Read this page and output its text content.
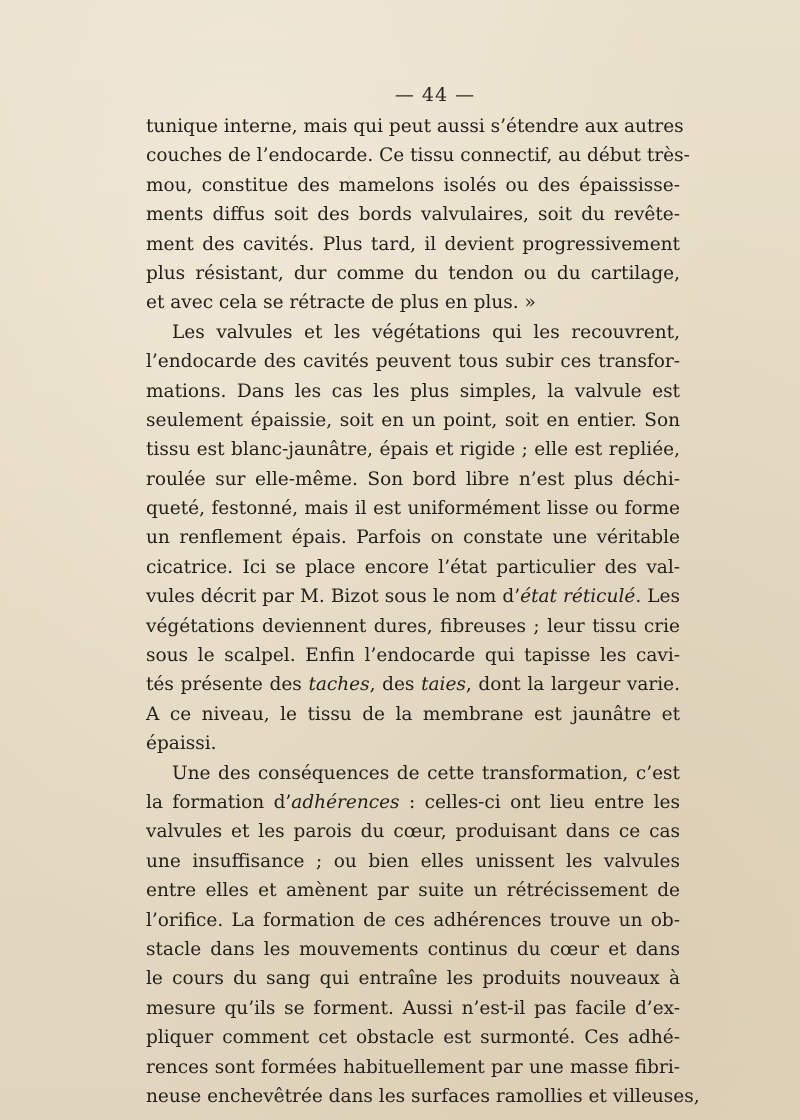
— 44 —
tunique interne, mais qui peut aussi s’étendre aux autres
couches de l’endocarde. Ce tissu connectif, au début très-
mou, constitue des mamelons isolés ou des épaississe-
ments diffus soit des bords valvulaires, soit du revête-
ment des cavités. Plus tard, il devient progressivement
plus résistant, dur comme du tendon ou du cartilage,
et avec cela se rétracte de plus en plus. »
Les valvules et les végétations qui les recouvrent,
l’endocarde des cavités peuvent tous subir ces transfor-
mations. Dans les cas les plus simples, la valvule est
seulement épaissie, soit en un point, soit en entier. Son
tissu est blanc-jaunâtre, épais et rigide ; elle est repliée,
roulée sur elle-même. Son bord libre n’est plus déchi-
queté, festonné, mais il est uniformément lisse ou forme
un renflement épais. Parfois on constate une véritable
cicatrice. Ici se place encore l’état particulier des val-
vules décrit par M. Bizot sous le nom d’état réticulé. Les
végétations deviennent dures, fibreuses ; leur tissu crie
sous le scalpel. Enfin l’endocarde qui tapisse les cavi-
tés présente des taches, des taies, dont la largeur varie.
A ce niveau, le tissu de la membrane est jaunâtre et
épaissi.
Une des conséquences de cette transformation, c’est
la formation d’adhérences : celles-ci ont lieu entre les
valvules et les parois du cœur, produisant dans ce cas
une insuffisance ; ou bien elles unissent les valvules
entre elles et amènent par suite un rétrécissement de
l’orifice. La formation de ces adhérences trouve un ob-
stacle dans les mouvements continus du cœur et dans
le cours du sang qui entraîne les produits nouveaux à
mesure qu’ils se forment. Aussi n’est-il pas facile d’ex-
pliquer comment cet obstacle est surmonté. Ces adhé-
rences sont formées habituellement par une masse fibri-
neuse enchevêtrée dans les surfaces ramollies et villeuses,
